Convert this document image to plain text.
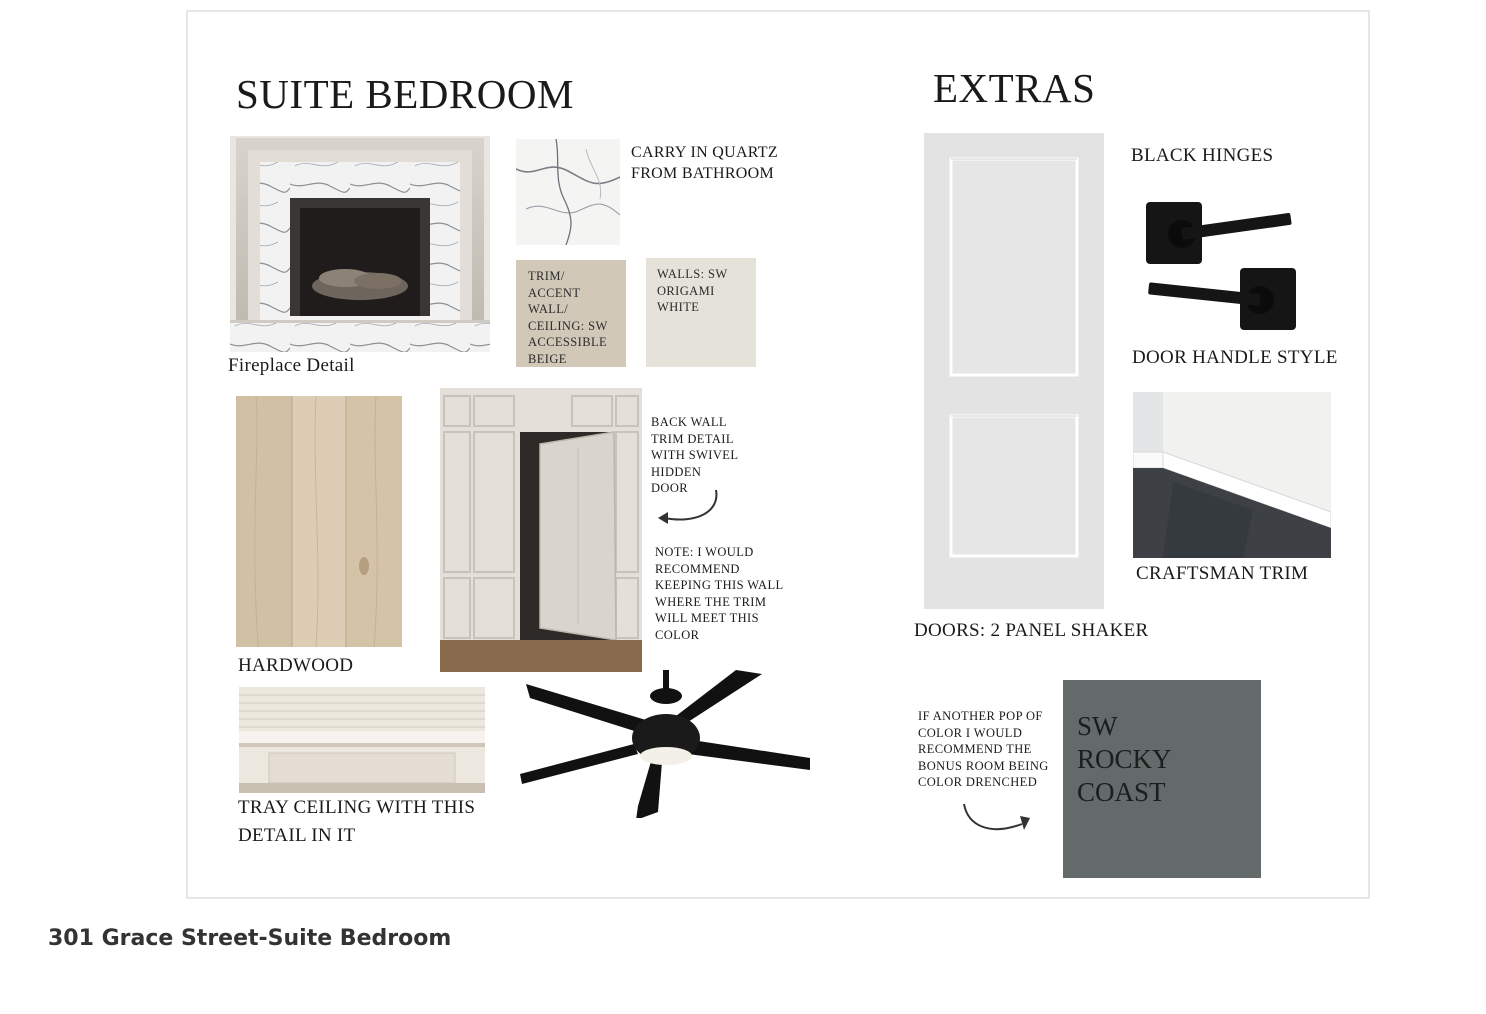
SUITE BEDROOM	EXTRAS
Fireplace Detail
CARRY IN QUARTZ
FROM BATHROOM
TRIM/
ACCENT
WALL/
CEILING: SW
ACCESSIBLE
BEIGE
WALLS: SW
ORIGAMI
WHITE
HARDWOOD
BACK WALL
TRIM DETAIL
WITH SWIVEL
HIDDEN
DOOR
NOTE: I WOULD
RECOMMEND
KEEPING THIS WALL
WHERE THE TRIM
WILL MEET THIS
COLOR
TRAY CEILING WITH THIS
DETAIL IN IT
DOORS: 2 PANEL SHAKER
BLACK HINGES
DOOR HANDLE STYLE
CRAFTSMAN TRIM
IF ANOTHER POP OF
COLOR I WOULD
RECOMMEND THE
BONUS ROOM BEING
COLOR DRENCHED
SW
ROCKY
COAST
301 Grace Street-Suite Bedroom
